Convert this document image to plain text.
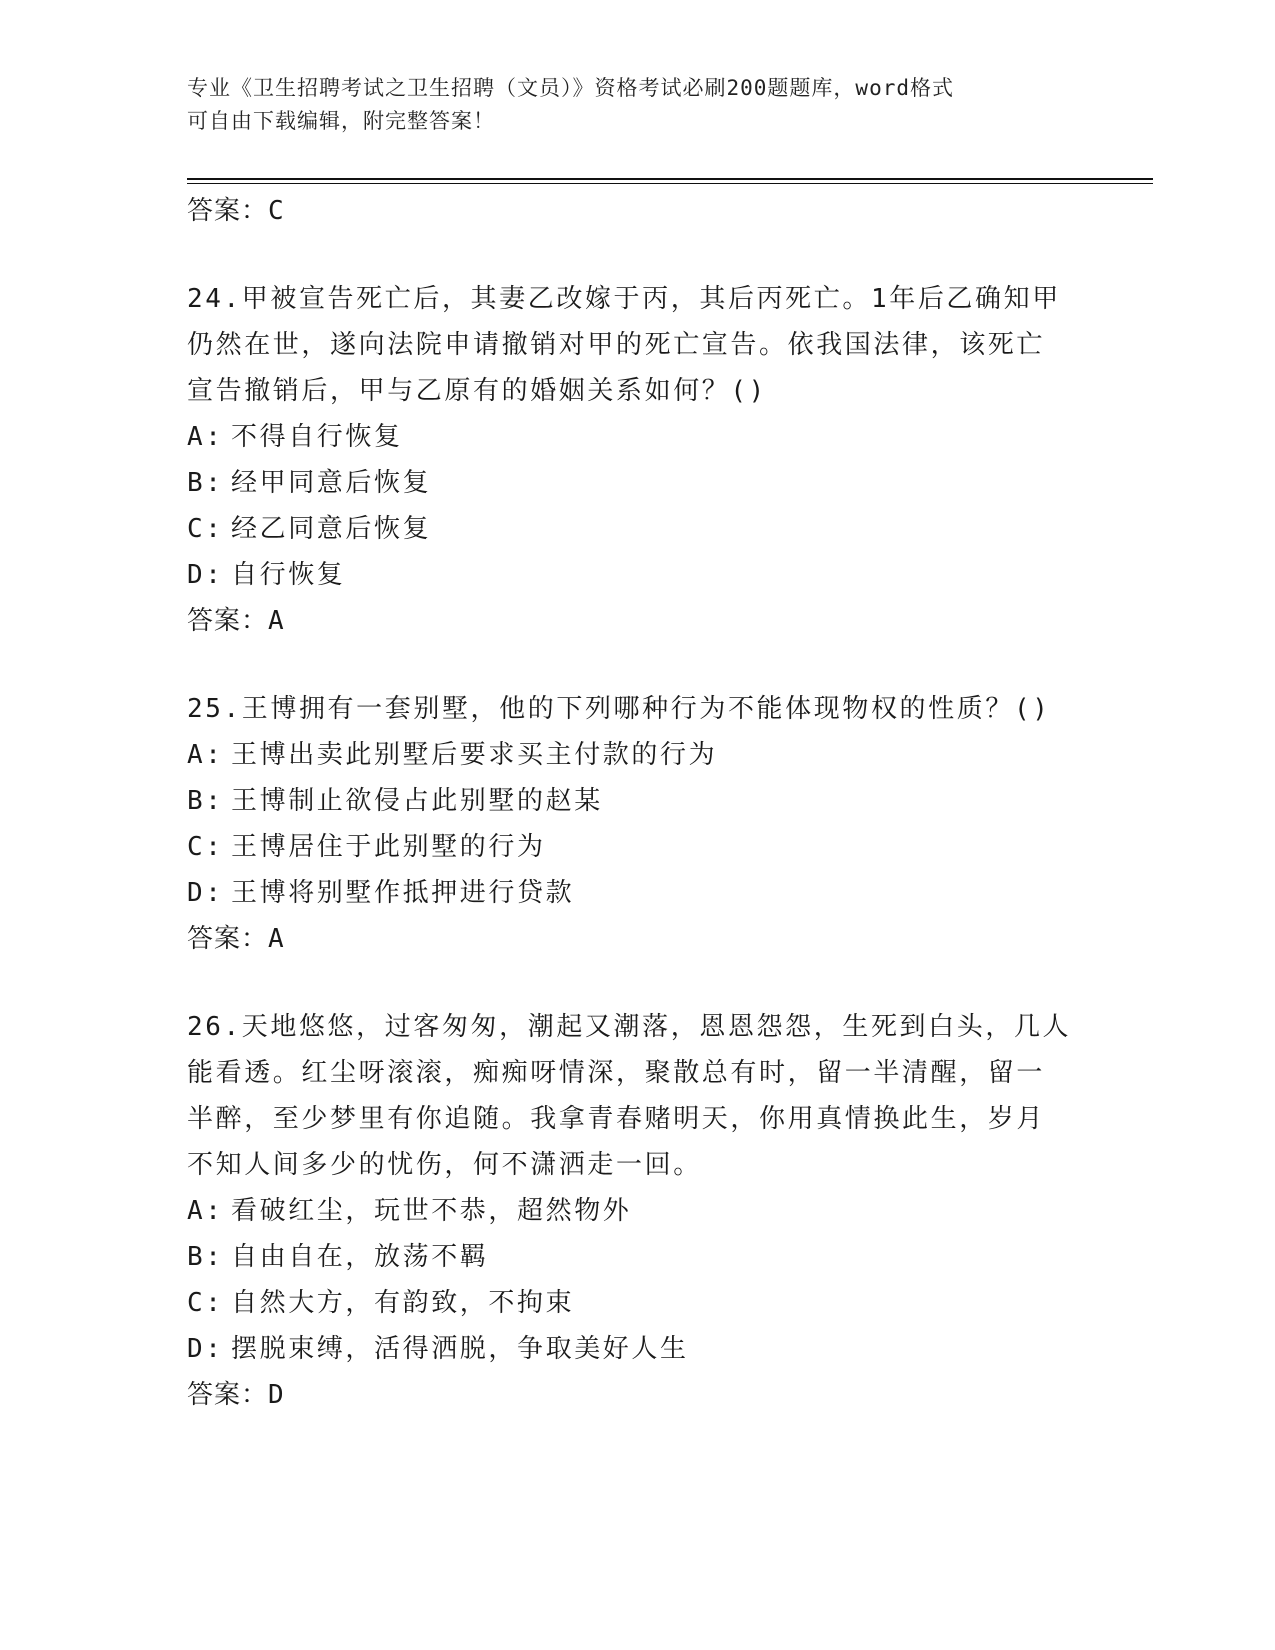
专业《卫生招聘考试之卫生招聘（文员）》资格考试必刷200题题库，word格式
可自由下载编辑，附完整答案！
答案：C
24.甲被宣告死亡后，其妻乙改嫁于丙，其后丙死亡。1年后乙确知甲
仍然在世，遂向法院申请撤销对甲的死亡宣告。依我国法律，该死亡
宣告撤销后，甲与乙原有的婚姻关系如何？()
A: 不得自行恢复
B: 经甲同意后恢复
C: 经乙同意后恢复
D: 自行恢复
答案：A
25.王博拥有一套别墅，他的下列哪种行为不能体现物权的性质？()
A: 王博出卖此别墅后要求买主付款的行为
B: 王博制止欲侵占此别墅的赵某
C: 王博居住于此别墅的行为
D: 王博将别墅作抵押进行贷款
答案：A
26.天地悠悠，过客匆匆，潮起又潮落，恩恩怨怨，生死到白头，几人
能看透。红尘呀滚滚，痴痴呀情深，聚散总有时，留一半清醒，留一
半醉，至少梦里有你追随。我拿青春赌明天，你用真情换此生，岁月
不知人间多少的忧伤，何不潇洒走一回。
A: 看破红尘，玩世不恭，超然物外
B: 自由自在，放荡不羁
C: 自然大方，有韵致，不拘束
D: 摆脱束缚，活得洒脱，争取美好人生
答案：D
